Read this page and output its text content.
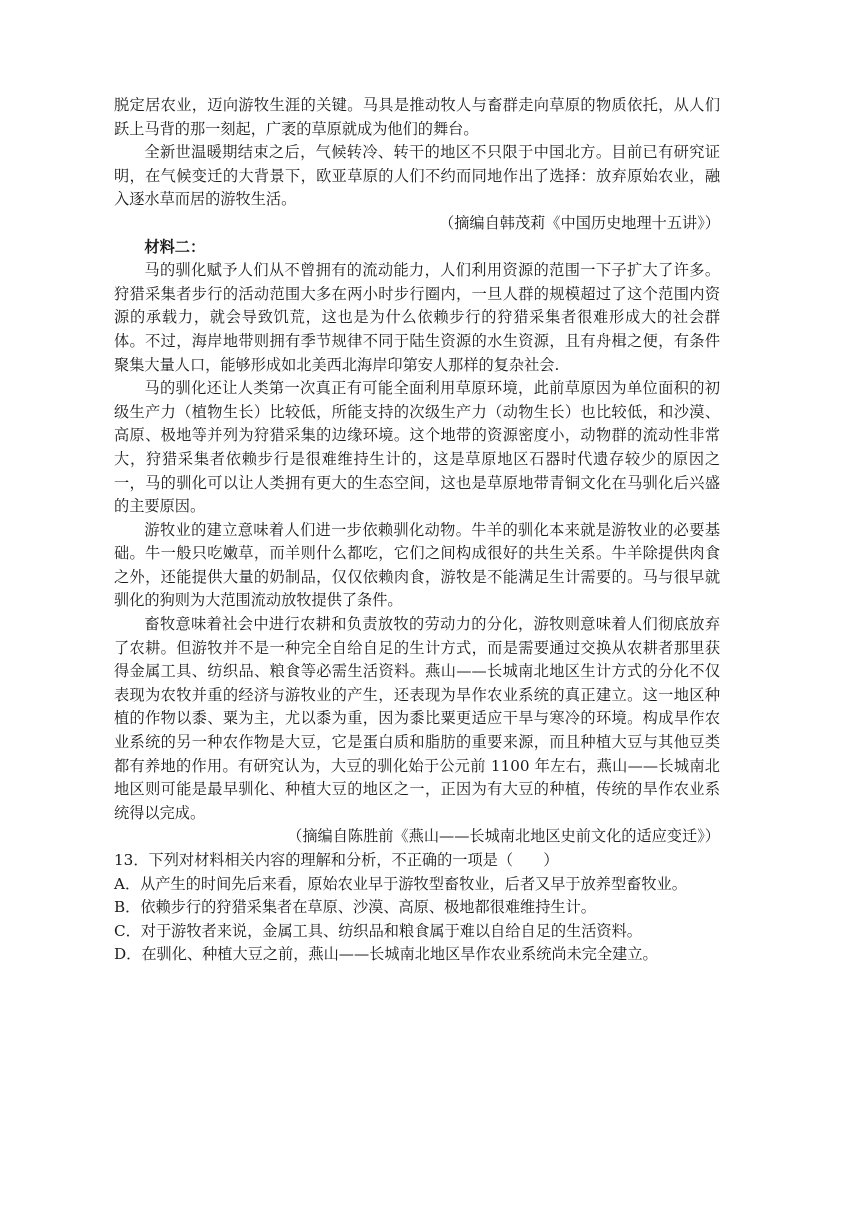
脱定居农业，迈向游牧生涯的关键。马具是推动牧人与畜群走向草原的物质依托，从人们跃上马背的那一刻起，广袤的草原就成为他们的舞台。

全新世温暖期结束之后，气候转冷、转干的地区不只限于中国北方。目前已有研究证明，在气候变迁的大背景下，欧亚草原的人们不约而同地作出了选择：放弃原始农业，融入逐水草而居的游牧生活。

（摘编自韩茂莉《中国历史地理十五讲》）

材料二：

马的驯化赋予人们从不曾拥有的流动能力，人们利用资源的范围一下子扩大了许多。狩猎采集者步行的活动范围大多在两小时步行圈内，一旦人群的规模超过了这个范围内资源的承载力，就会导致饥荒，这也是为什么依赖步行的狩猎采集者很难形成大的社会群体。不过，海岸地带则拥有季节规律不同于陆生资源的水生资源，且有舟楫之便，有条件聚集大量人口，能够形成如北美西北海岸印第安人那样的复杂社会.

马的驯化还让人类第一次真正有可能全面利用草原环境，此前草原因为单位面积的初级生产力（植物生长）比较低，所能支持的次级生产力（动物生长）也比较低，和沙漠、高原、极地等并列为狩猎采集的边缘环境。这个地带的资源密度小，动物群的流动性非常大，狩猎采集者依赖步行是很难维持生计的，这是草原地区石器时代遗存较少的原因之一，马的驯化可以让人类拥有更大的生态空间，这也是草原地带青铜文化在马驯化后兴盛的主要原因。

游牧业的建立意味着人们进一步依赖驯化动物。牛羊的驯化本来就是游牧业的必要基础。牛一般只吃嫩草，而羊则什么都吃，它们之间构成很好的共生关系。牛羊除提供肉食之外，还能提供大量的奶制品，仅仅依赖肉食，游牧是不能满足生计需要的。马与很早就驯化的狗则为大范围流动放牧提供了条件。

畜牧意味着社会中进行农耕和负责放牧的劳动力的分化，游牧则意味着人们彻底放弃了农耕。但游牧并不是一种完全自给自足的生计方式，而是需要通过交换从农耕者那里获得金属工具、纺织品、粮食等必需生活资料。燕山——长城南北地区生计方式的分化不仅表现为农牧并重的经济与游牧业的产生，还表现为旱作农业系统的真正建立。这一地区种植的作物以黍、粟为主，尤以黍为重，因为黍比粟更适应干旱与寒冷的环境。构成旱作农业系统的另一种农作物是大豆，它是蛋白质和脂肪的重要来源，而且种植大豆与其他豆类都有养地的作用。有研究认为，大豆的驯化始于公元前 1100 年左右，燕山——长城南北地区则可能是最早驯化、种植大豆的地区之一，正因为有大豆的种植，传统的旱作农业系统得以完成。

（摘编自陈胜前《燕山——长城南北地区史前文化的适应变迁》）

13．下列对材料相关内容的理解和分析，不正确的一项是（　　）

A．从产生的时间先后来看，原始农业早于游牧型畜牧业，后者又早于放养型畜牧业。

B．依赖步行的狩猎采集者在草原、沙漠、高原、极地都很难维持生计。

C．对于游牧者来说，金属工具、纺织品和粮食属于难以自给自足的生活资料。

D．在驯化、种植大豆之前，燕山——长城南北地区旱作农业系统尚未完全建立。
